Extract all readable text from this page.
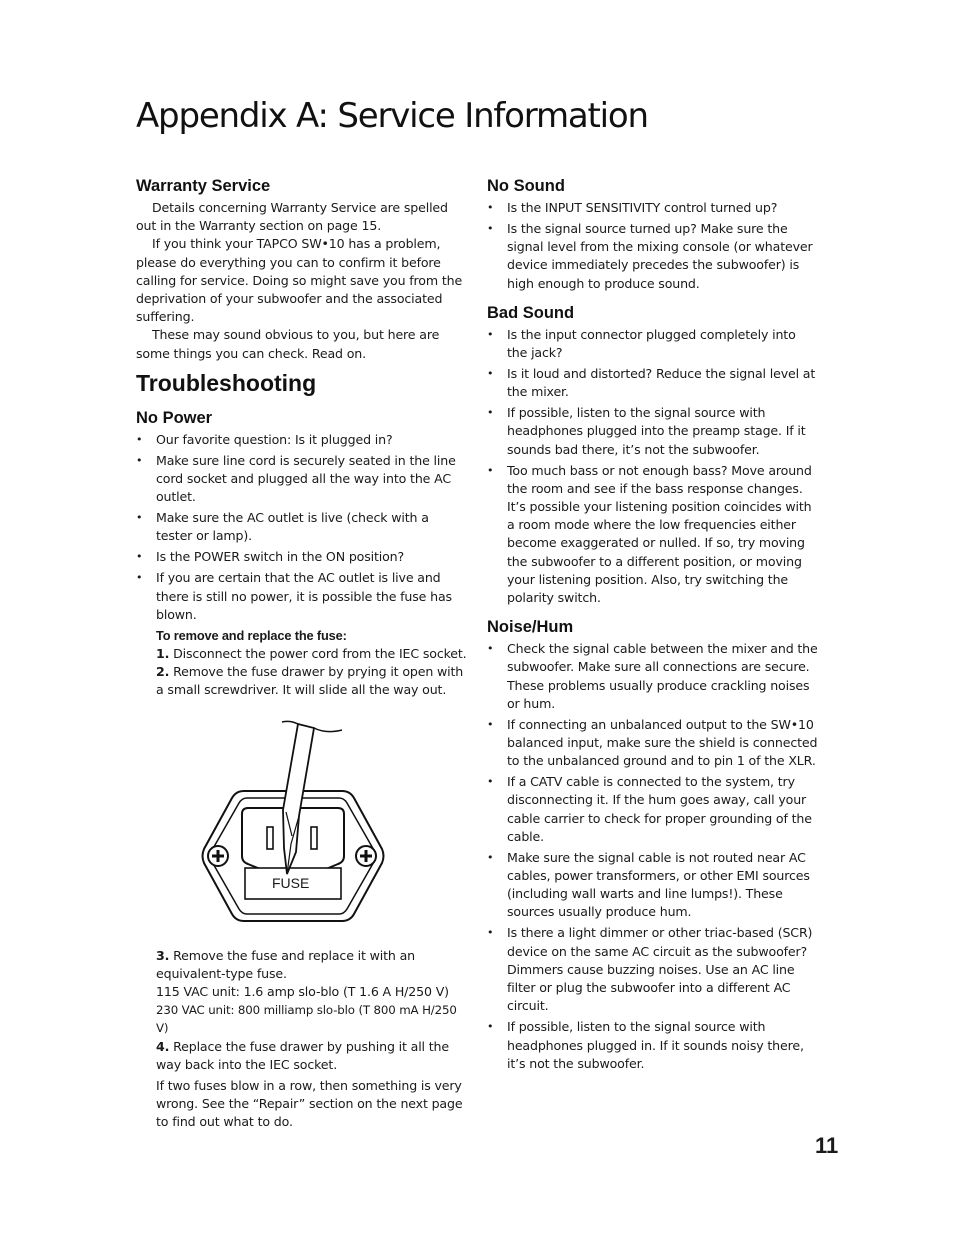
Appendix A: Service Information
Warranty Service

Details concerning Warranty Service are spelled out in the Warranty section on page 15.

If you think your TAPCO SW•10 has a problem, please do everything you can to confirm it before calling for service. Doing so might save you from the deprivation of your subwoofer and the associated suffering.

These may sound obvious to you, but here are some things you can check. Read on.

Troubleshooting
No Power
• Our favorite question: Is it plugged in?
• Make sure line cord is securely seated in the line cord socket and plugged all the way into the AC outlet.
• Make sure the AC outlet is live (check with a tester or lamp).
• Is the POWER switch in the ON position?
• If you are certain that the AC outlet is live and there is still no power, it is possible the fuse has blown.
To remove and replace the fuse:
1. Disconnect the power cord from the IEC socket.
2. Remove the fuse drawer by prying it open with a small screwdriver. It will slide all the way out.
FUSE
3. Remove the fuse and replace it with an equivalent-type fuse.
115 VAC unit: 1.6 amp slo-blo (T 1.6 A H/250 V)
230 VAC unit: 800 milliamp slo-blo (T 800 mA H/250 V)
4. Replace the fuse drawer by pushing it all the way back into the IEC socket.
If two fuses blow in a row, then something is very wrong. See the “Repair” section on the next page to find out what to do.
No Sound
• Is the INPUT SENSITIVITY control turned up?
• Is the signal source turned up? Make sure the signal level from the mixing console (or whatever device immediately precedes the subwoofer) is high enough to produce sound.
Bad Sound
• Is the input connector plugged completely into the jack?
• Is it loud and distorted? Reduce the signal level at the mixer.
• If possible, listen to the signal source with headphones plugged into the preamp stage. If it sounds bad there, it’s not the subwoofer.
• Too much bass or not enough bass? Move around the room and see if the bass response changes. It’s possible your listening position coincides with a room mode where the low frequencies either become exaggerated or nulled. If so, try moving the subwoofer to a different position, or moving your listening position. Also, try switching the polarity switch.
Noise/Hum
• Check the signal cable between the mixer and the subwoofer. Make sure all connections are secure. These problems usually produce crackling noises or hum.
• If connecting an unbalanced output to the SW•10 balanced input, make sure the shield is connected to the unbalanced ground and to pin 1 of the XLR.
• If a CATV cable is connected to the system, try disconnecting it. If the hum goes away, call your cable carrier to check for proper grounding of the cable.
• Make sure the signal cable is not routed near AC cables, power transformers, or other EMI sources (including wall warts and line lumps!). These sources usually produce hum.
• Is there a light dimmer or other triac-based (SCR) device on the same AC circuit as the subwoofer? Dimmers cause buzzing noises. Use an AC line filter or plug the subwoofer into a different AC circuit.
• If possible, listen to the signal source with headphones plugged in. If it sounds noisy there, it’s not the subwoofer.
11
